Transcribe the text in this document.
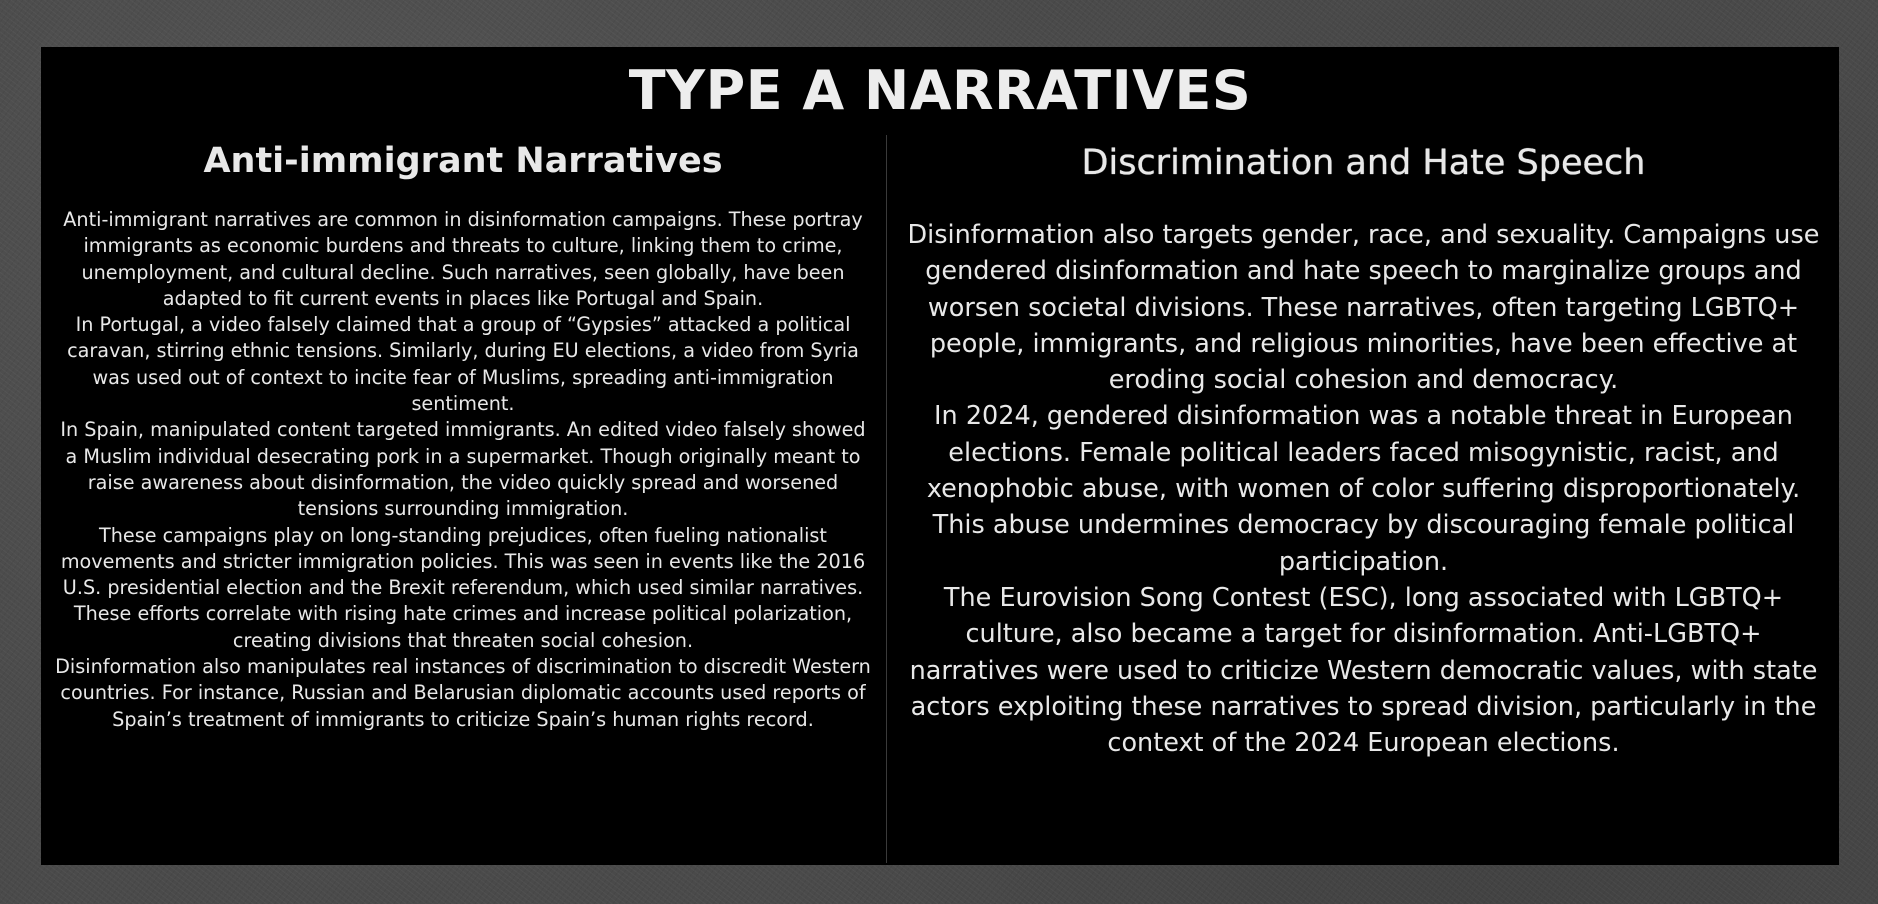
TYPE A NARRATIVES
Anti-immigrant Narratives

Anti-immigrant narratives are common in disinformation campaigns. These portray immigrants as economic burdens and threats to culture, linking them to crime, unemployment, and cultural decline. Such narratives, seen globally, have been adapted to fit current events in places like Portugal and Spain.

In Portugal, a video falsely claimed that a group of “Gypsies” attacked a political caravan, stirring ethnic tensions. Similarly, during EU elections, a video from Syria was used out of context to incite fear of Muslims, spreading anti-immigration sentiment.

In Spain, manipulated content targeted immigrants. An edited video falsely showed a Muslim individual desecrating pork in a supermarket. Though originally meant to raise awareness about disinformation, the video quickly spread and worsened tensions surrounding immigration.

These campaigns play on long-standing prejudices, often fueling nationalist movements and stricter immigration policies. This was seen in events like the 2016 U.S. presidential election and the Brexit referendum, which used similar narratives. These efforts correlate with rising hate crimes and increase political polarization, creating divisions that threaten social cohesion.

Disinformation also manipulates real instances of discrimination to discredit Western countries. For instance, Russian and Belarusian diplomatic accounts used reports of Spain’s treatment of immigrants to criticize Spain’s human rights record.

Discrimination and Hate Speech

Disinformation also targets gender, race, and sexuality. Campaigns use gendered disinformation and hate speech to marginalize groups and worsen societal divisions. These narratives, often targeting LGBTQ+ people, immigrants, and religious minorities, have been effective at eroding social cohesion and democracy.

In 2024, gendered disinformation was a notable threat in European elections. Female political leaders faced misogynistic, racist, and xenophobic abuse, with women of color suffering disproportionately. This abuse undermines democracy by discouraging female political participation.

The Eurovision Song Contest (ESC), long associated with LGBTQ+ culture, also became a target for disinformation. Anti-LGBTQ+ narratives were used to criticize Western democratic values, with state actors exploiting these narratives to spread division, particularly in the context of the 2024 European elections.
